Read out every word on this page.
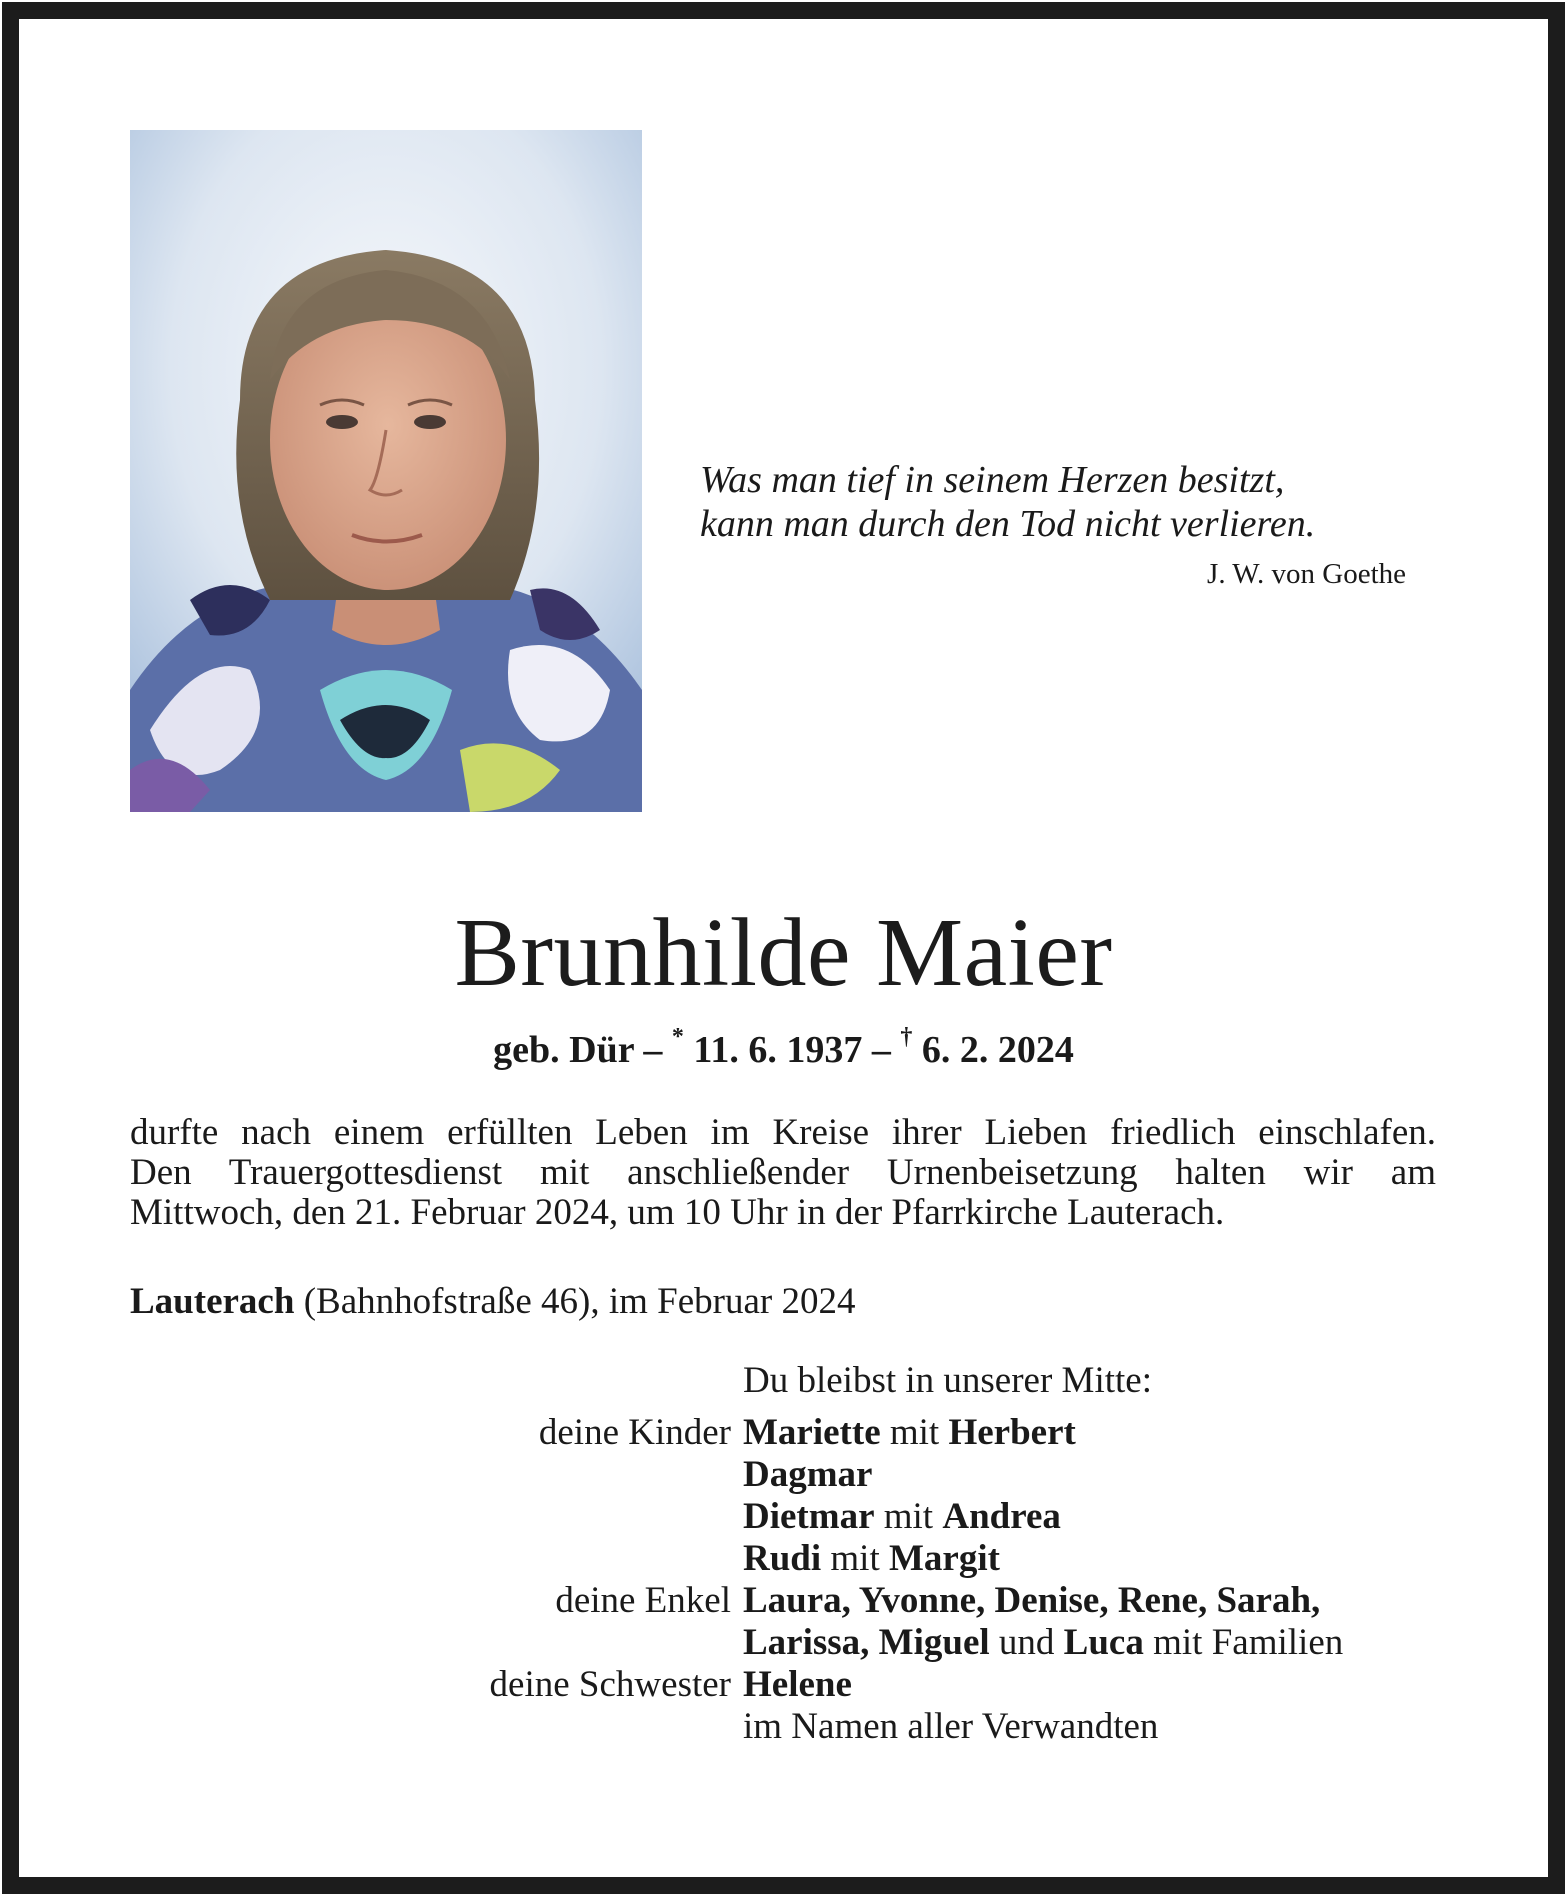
Was man tief in seinem Herzen besitzt,
kann man durch den Tod nicht verlieren.
J. W. von Goethe
Brunhilde Maier
geb. Dür – * 11. 6. 1937 – † 6. 2. 2024
durfte nach einem erfüllten Leben im Kreise ihrer Lieben friedlich einschlafen.
Den Trauergottesdienst mit anschließender Urnenbeisetzung halten wir am
Mittwoch, den 21. Februar 2024, um 10 Uhr in der Pfarrkirche Lauterach.
Lauterach (Bahnhofstraße 46), im Februar 2024
Du bleibst in unserer Mitte:
deine Kinder Mariette mit Herbert
Dagmar
Dietmar mit Andrea
Rudi mit Margit
deine Enkel Laura, Yvonne, Denise, Rene, Sarah,
Larissa, Miguel und Luca mit Familien
deine Schwester Helene
im Namen aller Verwandten
